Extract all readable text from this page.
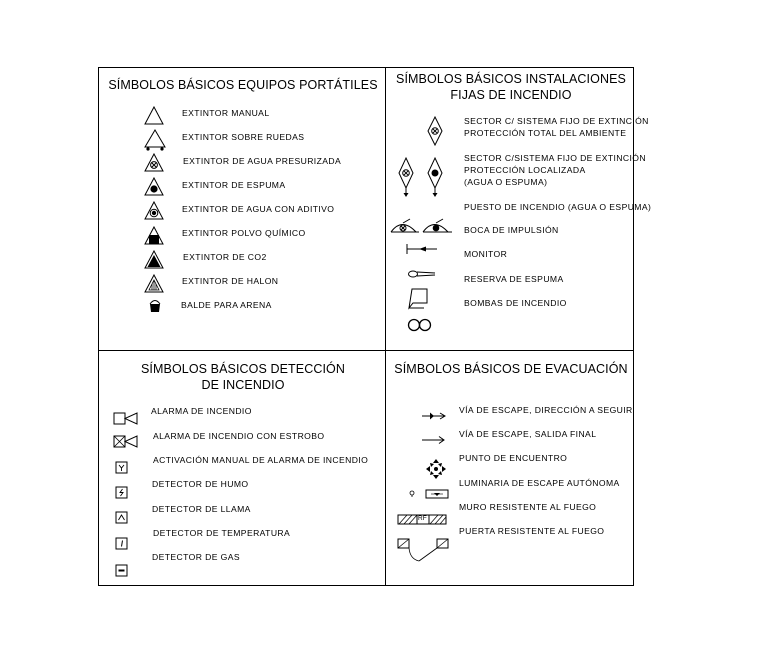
SÍMBOLOS BÁSICOS EQUIPOS PORTÁTILES
EXTINTOR MANUAL
EXTINTOR SOBRE RUEDAS
EXTINTOR DE AGUA PRESURIZADA
EXTINTOR DE ESPUMA
EXTINTOR DE AGUA CON ADITIVO
EXTINTOR POLVO QUÍMICO
EXTINTOR DE CO2
EXTINTOR DE HALON
BALDE PARA ARENA
SÍMBOLOS BÁSICOS INSTALACIONES
FIJAS DE INCENDIO
SECTOR C/ SISTEMA FIJO DE EXTINCIÓN
PROTECCIÓN TOTAL DEL AMBIENTE
SECTOR C/SISTEMA FIJO DE EXTINCIÓN
PROTECCIÓN LOCALIZADA
(AGUA O ESPUMA)
PUESTO DE INCENDIO (AGUA O ESPUMA)
BOCA DE IMPULSIÓN
MONITOR
RESERVA DE ESPUMA
BOMBAS DE INCENDIO
SÍMBOLOS BÁSICOS DETECCIÓN
DE INCENDIO
ALARMA DE INCENDIO
ALARMA DE INCENDIO CON ESTROBO
ACTIVACIÓN MANUAL DE ALARMA DE INCENDIO
DETECTOR DE HUMO
DETECTOR DE LLAMA
DETECTOR DE TEMPERATURA
DETECTOR DE GAS
SÍMBOLOS BÁSICOS DE EVACUACIÓN
VÍA DE ESCAPE, DIRECCIÓN A SEGUIR
VÍA DE ESCAPE, SALIDA FINAL
PUNTO DE ENCUENTRO
LUMINARIA DE ESCAPE AUTÓNOMA
RF
MURO RESISTENTE AL FUEGO
PUERTA RESISTENTE AL FUEGO
